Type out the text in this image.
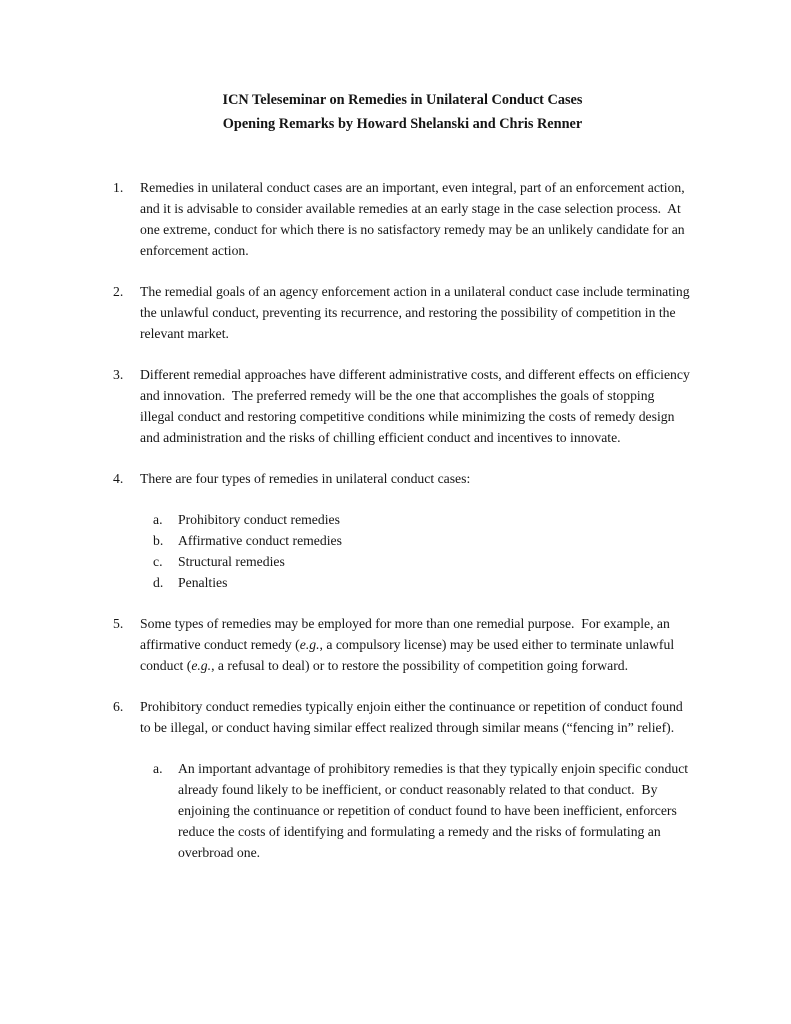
ICN Teleseminar on Remedies in Unilateral Conduct Cases
Opening Remarks by Howard Shelanski and Chris Renner
1.	Remedies in unilateral conduct cases are an important, even integral, part of an enforcement action, and it is advisable to consider available remedies at an early stage in the case selection process.  At one extreme, conduct for which there is no satisfactory remedy may be an unlikely candidate for an enforcement action.

2.	The remedial goals of an agency enforcement action in a unilateral conduct case include terminating the unlawful conduct, preventing its recurrence, and restoring the possibility of competition in the relevant market.

3.	Different remedial approaches have different administrative costs, and different effects on efficiency and innovation.  The preferred remedy will be the one that accomplishes the goals of stopping illegal conduct and restoring competitive conditions while minimizing the costs of remedy design and administration and the risks of chilling efficient conduct and incentives to innovate.

4.	There are four types of remedies in unilateral conduct cases:

a.	Prohibitory conduct remedies

b.	Affirmative conduct remedies

c.	Structural remedies

d.	Penalties

5.	Some types of remedies may be employed for more than one remedial purpose.  For example, an affirmative conduct remedy (e.g., a compulsory license) may be used either to terminate unlawful conduct (e.g., a refusal to deal) or to restore the possibility of competition going forward.

6.	Prohibitory conduct remedies typically enjoin either the continuance or repetition of conduct found to be illegal, or conduct having similar effect realized through similar means (“fencing in” relief).

a.	An important advantage of prohibitory remedies is that they typically enjoin specific conduct already found likely to be inefficient, or conduct reasonably related to that conduct.  By enjoining the continuance or repetition of conduct found to have been inefficient, enforcers reduce the costs of identifying and formulating a remedy and the risks of formulating an overbroad one.
